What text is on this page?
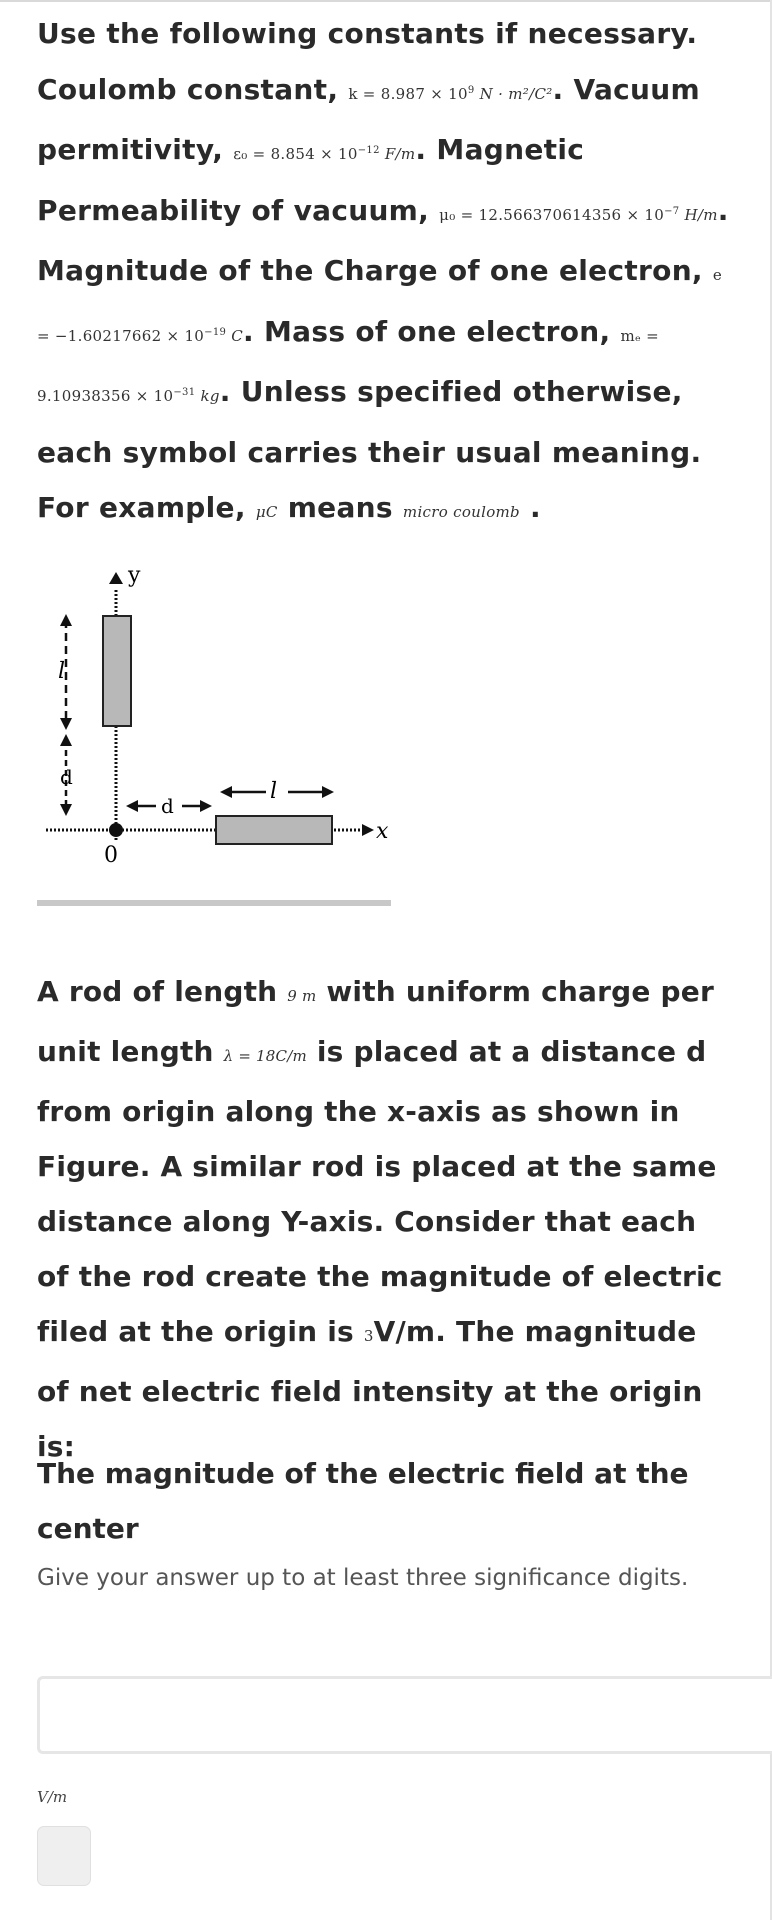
Use the following constants if necessary.
Coulomb constant, $k = 8.987 \times 10^9$ N · m²/C². Vacuum permitivity, $\varepsilon_0 = 8.854 \times 10^{-12}$ F/m. Magnetic Permeability of vacuum, $\mu_0 = 12.566370614356 \times 10^{-7}$ H/m. Magnitude of the Charge of one electron, $e = -1.60217662 \times 10^{-19}$ C. Mass of one electron, $m_e = 9.10938356 \times 10^{-31}$ kg. Unless specified otherwise, each symbol carries their usual meaning. For example, μC means micro coulomb .

y
x
0
l
d
d
l

A rod of length 9 m with uniform charge per unit length λ = 18C/m is placed at a distance d from origin along the x-axis as shown in Figure. A similar rod is placed at the same distance along Y-axis. Consider that each of the rod create the magnitude of electric filed at the origin is 3V/m. The magnitude of net electric field intensity at the origin is:

The magnitude of the electric field at the center

Give your answer up to at least three significance digits.

V/m
